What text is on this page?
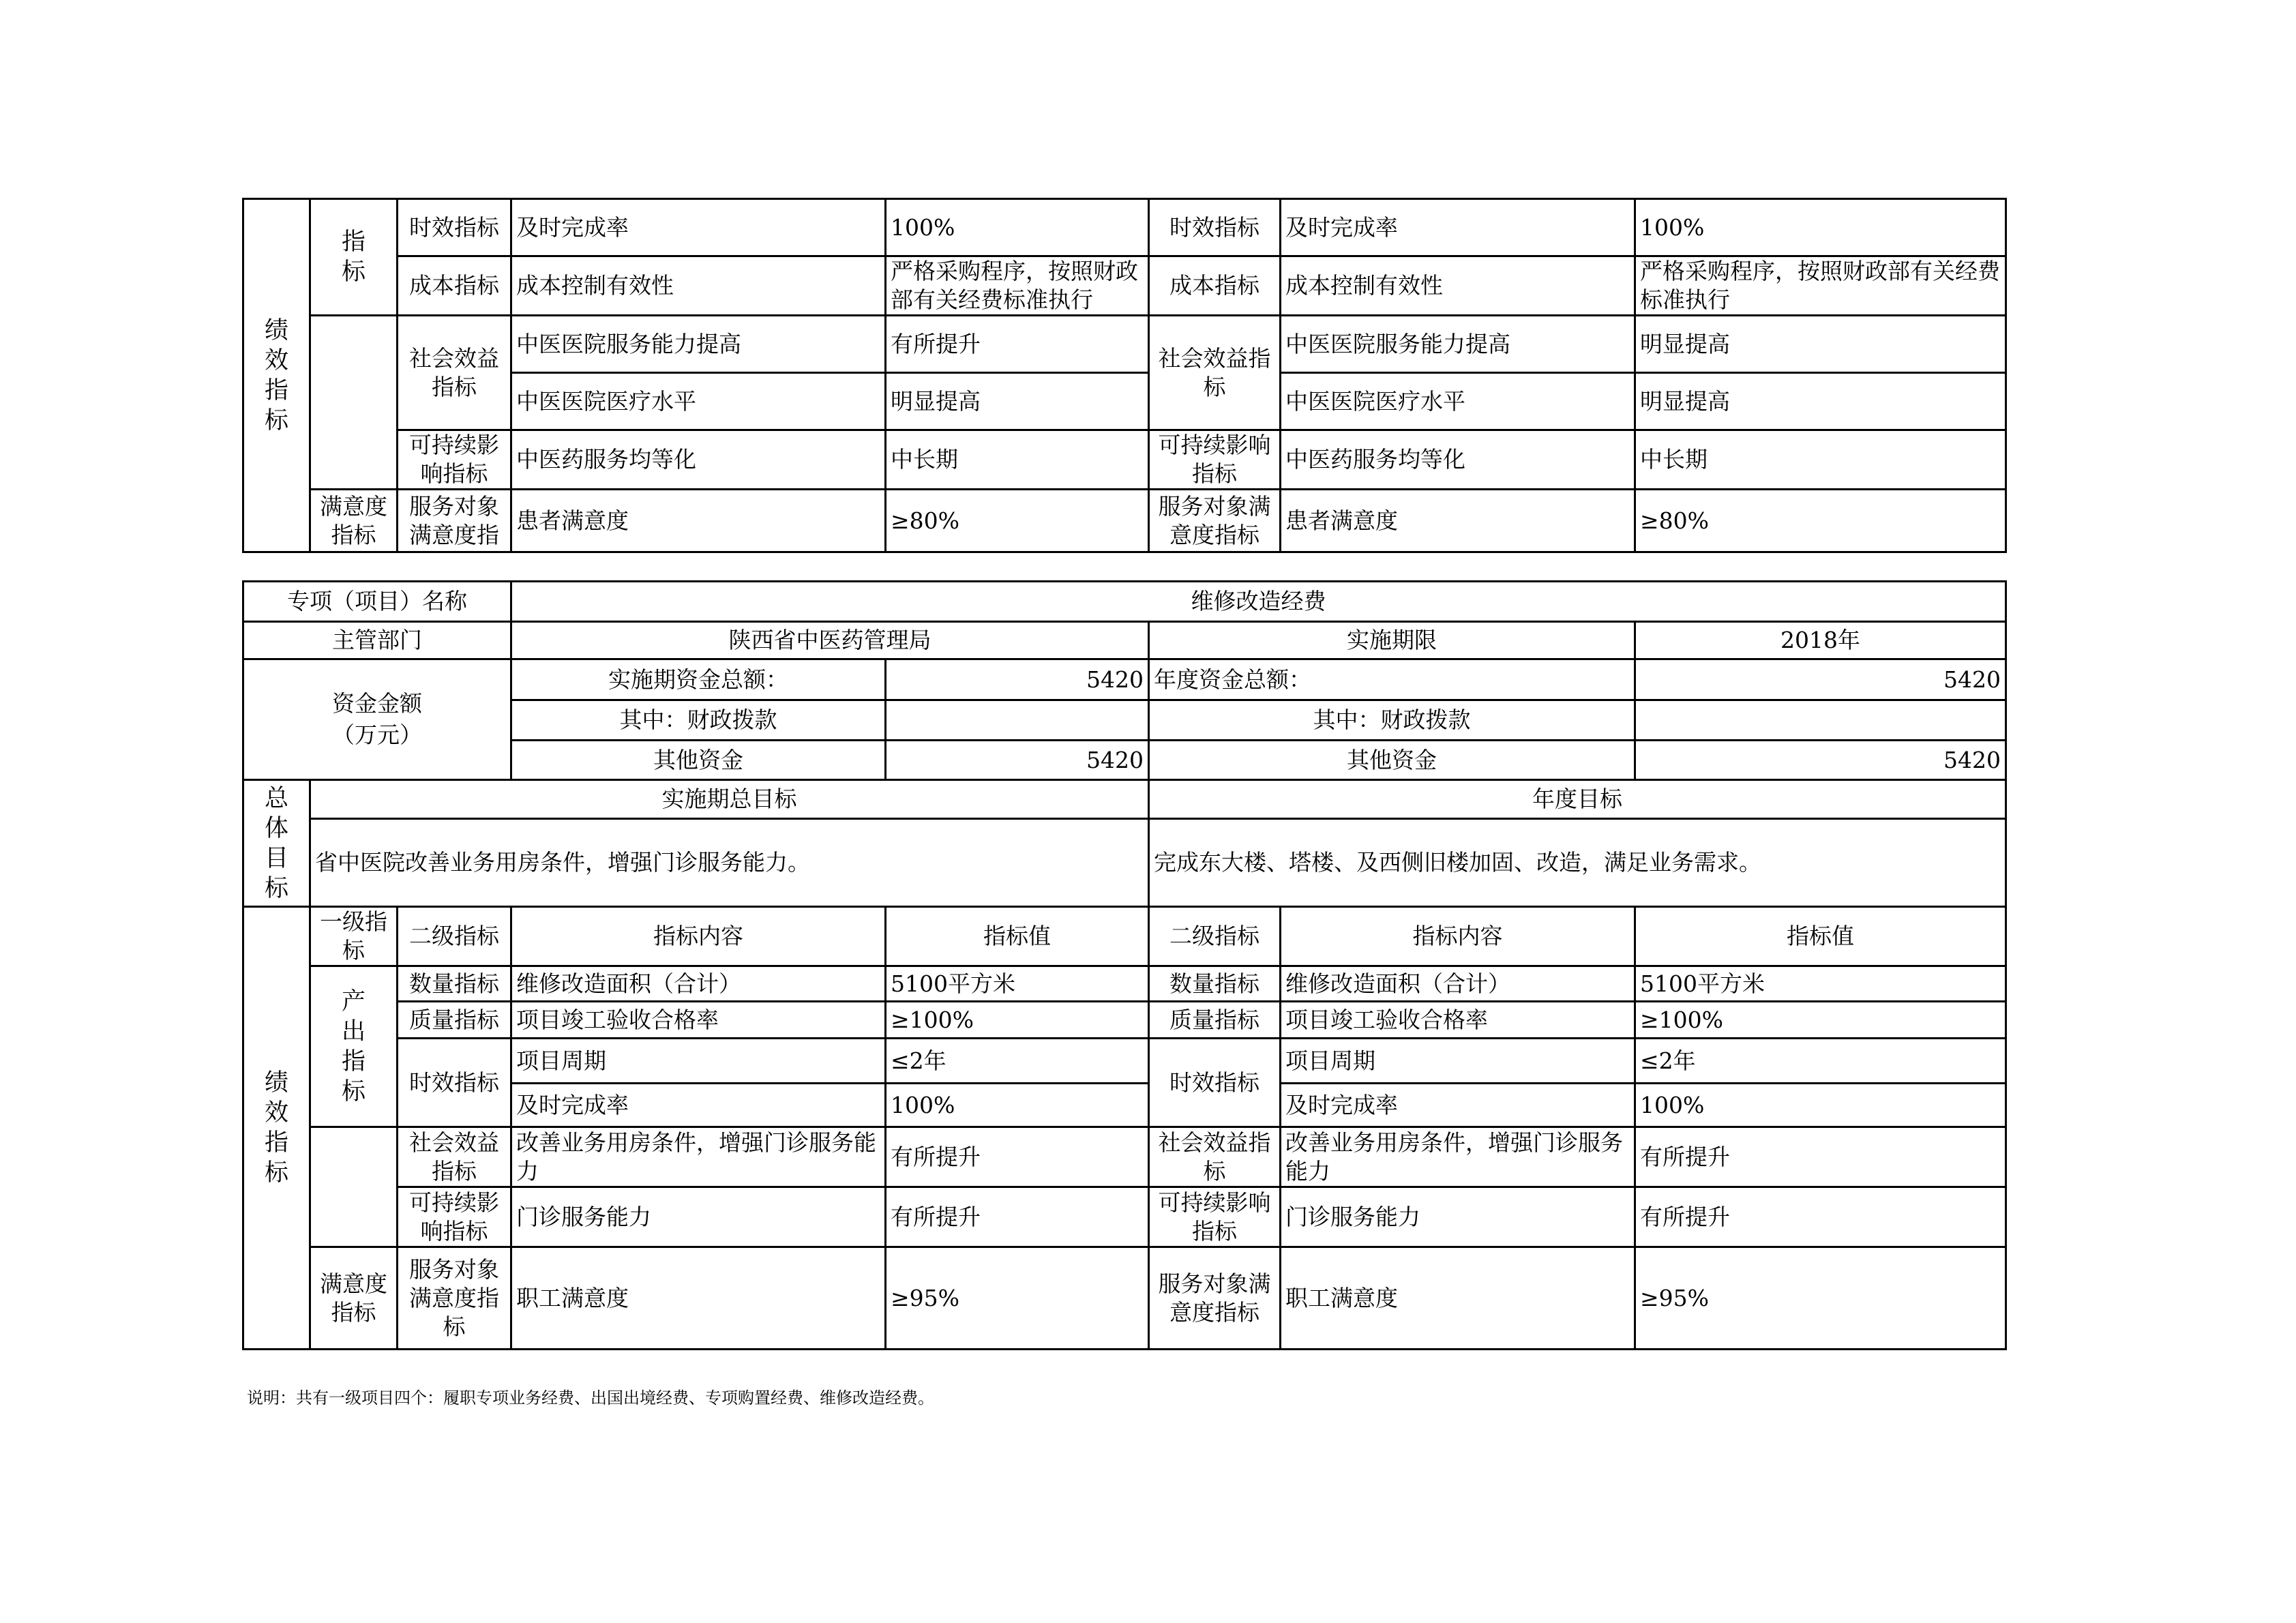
绩效指标	指标	时效指标	及时完成率	100%	时效指标	及时完成率	100%
		成本指标	成本控制有效性	严格采购程序，按照财政部有关经费标准执行	成本指标	成本控制有效性	严格采购程序，按照财政部有关经费标准执行
		社会效益指标	中医医院服务能力提高	有所提升	社会效益指标	中医医院服务能力提高	明显提高
			中医医院医疗水平	明显提高		中医医院医疗水平	明显提高
		可持续影响指标	中医药服务均等化	中长期	可持续影响指标	中医药服务均等化	中长期
	满意度指标	服务对象满意度指	患者满意度	≥80%	服务对象满意度指标	患者满意度	≥80%
专项（项目）名称			维修改造经费				
主管部门			陕西省中医药管理局		实施期限		2018年
资金金额（万元）			实施期资金总额：	5420	年度资金总额：		5420
			其中：财政拨款		其中：财政拨款		
			其他资金	5420	其他资金		5420
总体目标	实施期总目标				年度目标		
	省中医院改善业务用房条件，增强门诊服务能力。				完成东大楼、塔楼、及西侧旧楼加固、改造，满足业务需求。		
绩效指标	一级指标	二级指标	指标内容	指标值	二级指标	指标内容	指标值
	产出指标	数量指标	维修改造面积（合计）	5100平方米	数量指标	维修改造面积（合计）	5100平方米
		质量指标	项目竣工验收合格率	≥100%	质量指标	项目竣工验收合格率	≥100%
		时效指标	项目周期	≤2年	时效指标	项目周期	≤2年
			及时完成率	100%		及时完成率	100%
		社会效益指标	改善业务用房条件，增强门诊服务能力	有所提升	社会效益指标	改善业务用房条件，增强门诊服务能力	有所提升
		可持续影响指标	门诊服务能力	有所提升	可持续影响指标	门诊服务能力	有所提升
	满意度指标	服务对象满意度指标	职工满意度	≥95%	服务对象满意度指标	职工满意度	≥95%
说明：共有一级项目四个：履职专项业务经费、出国出境经费、专项购置经费、维修改造经费。
